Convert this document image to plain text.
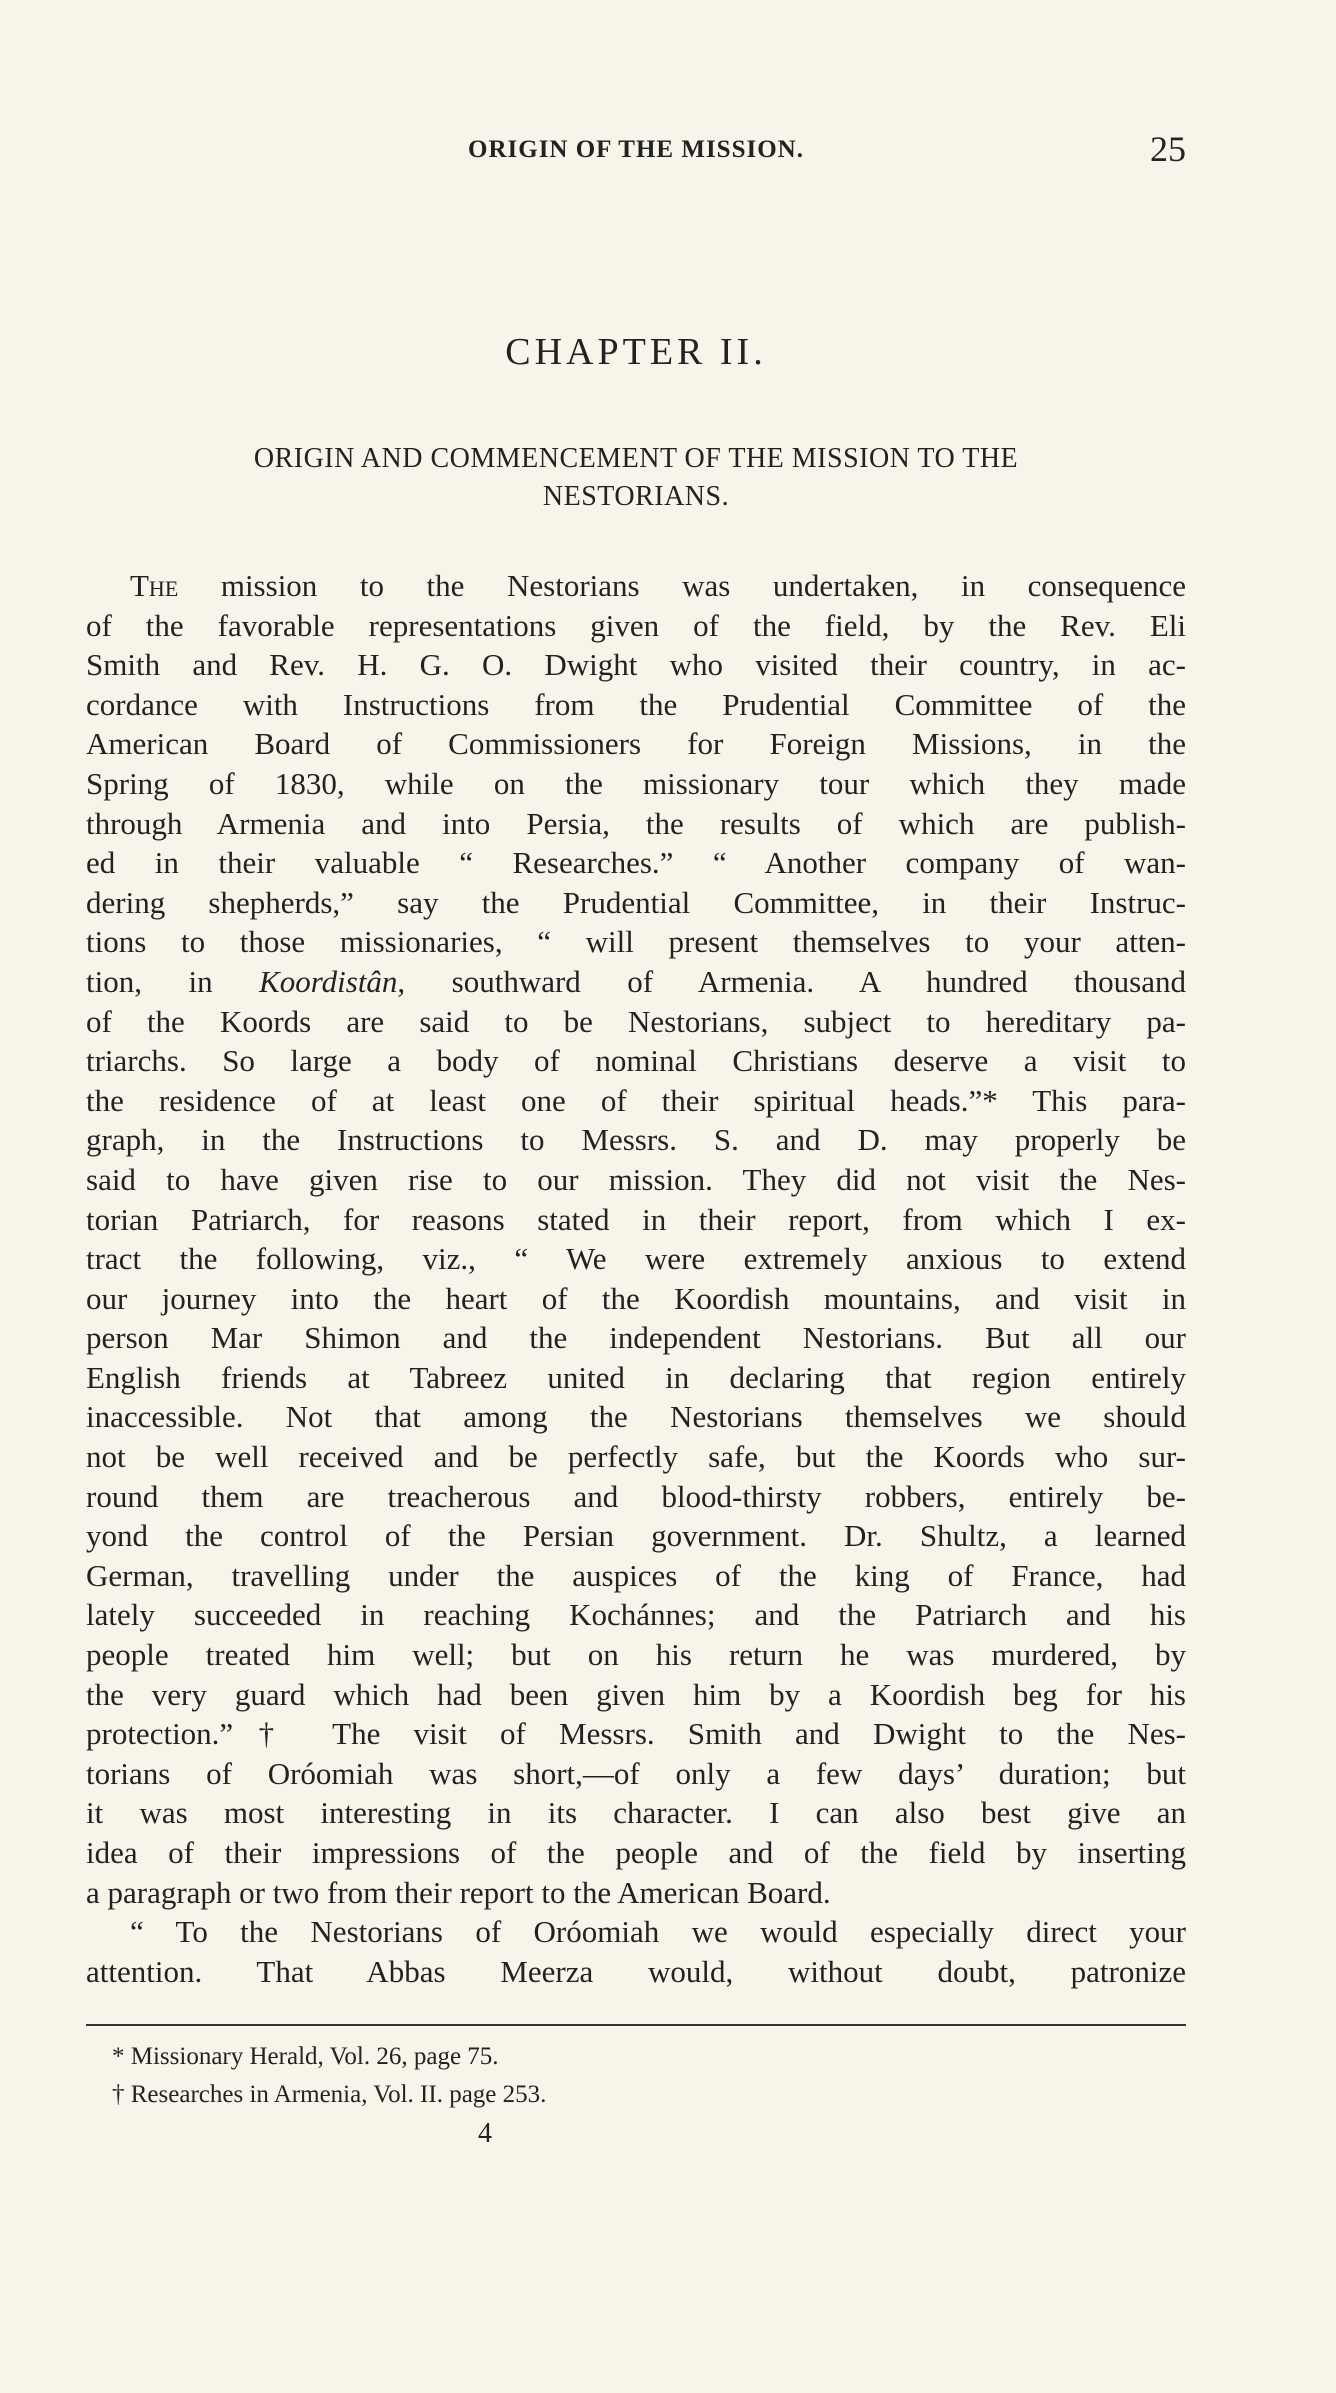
ORIGIN OF THE MISSION.	25
CHAPTER II.
ORIGIN AND COMMENCEMENT OF THE MISSION TO THE
NESTORIANS.
The mission to the Nestorians was undertaken, in consequence
of the favorable representations given of the field, by the Rev. Eli
Smith and Rev. H. G. O. Dwight who visited their country, in ac-
cordance with Instructions from the Prudential Committee of the
American Board of Commissioners for Foreign Missions, in the
Spring of 1830, while on the missionary tour which they made
through Armenia and into Persia, the results of which are publish-
ed in their valuable “ Researches.” “ Another company of wan-
dering shepherds,” say the Prudential Committee, in their Instruc-
tions to those missionaries, “ will present themselves to your atten-
tion, in Koordistân, southward of Armenia. A hundred thousand
of the Koords are said to be Nestorians, subject to hereditary pa-
triarchs. So large a body of nominal Christians deserve a visit to
the residence of at least one of their spiritual heads.”* This para-
graph, in the Instructions to Messrs. S. and D. may properly be
said to have given rise to our mission. They did not visit the Nes-
torian Patriarch, for reasons stated in their report, from which I ex-
tract the following, viz., “ We were extremely anxious to extend
our journey into the heart of the Koordish mountains, and visit in
person Mar Shimon and the independent Nestorians. But all our
English friends at Tabreez united in declaring that region entirely
inaccessible. Not that among the Nestorians themselves we should
not be well received and be perfectly safe, but the Koords who sur-
round them are treacherous and blood-thirsty robbers, entirely be-
yond the control of the Persian government. Dr. Shultz, a learned
German, travelling under the auspices of the king of France, had
lately succeeded in reaching Kochánnes; and the Patriarch and his
people treated him well; but on his return he was murdered, by
the very guard which had been given him by a Koordish beg for his
protection.”† The visit of Messrs. Smith and Dwight to the Nes-
torians of Oróomiah was short,—of only a few days’ duration; but
it was most interesting in its character. I can also best give an
idea of their impressions of the people and of the field by inserting
a paragraph or two from their report to the American Board.
“ To the Nestorians of Oróomiah we would especially direct your
attention. That Abbas Meerza would, without doubt, patronize
* Missionary Herald, Vol. 26, page 75.
† Researches in Armenia, Vol. II. page 253.
4
